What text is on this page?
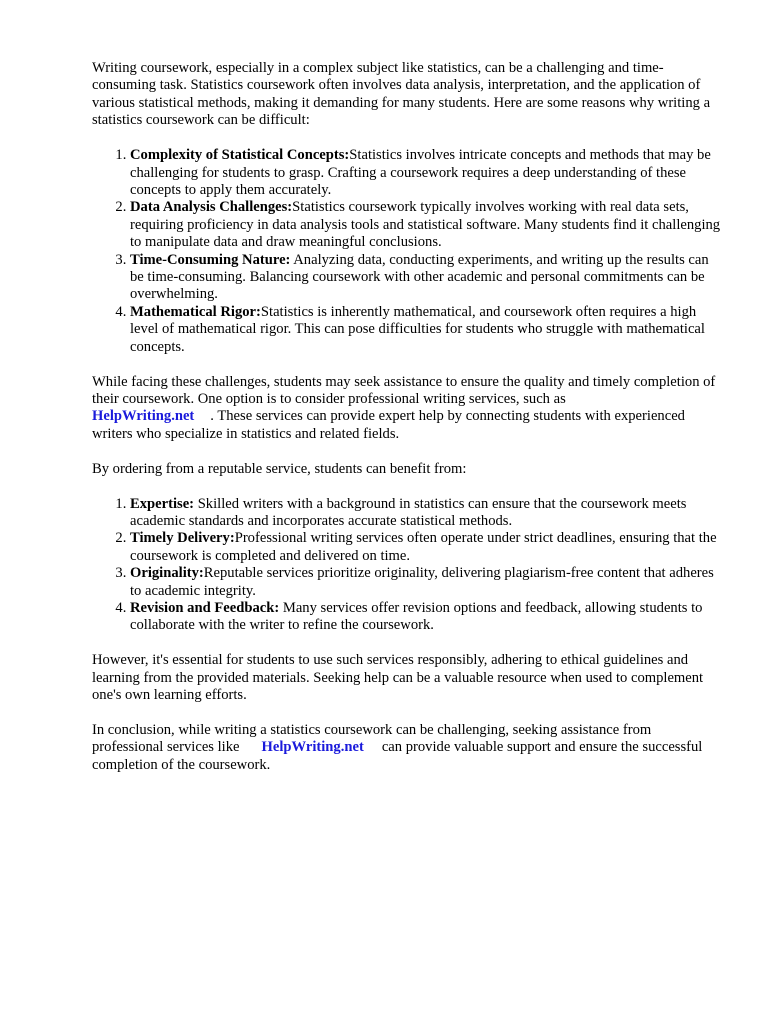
Writing coursework, especially in a complex subject like statistics, can be a challenging and time-consuming task. Statistics coursework often involves data analysis, interpretation, and the application of various statistical methods, making it demanding for many students. Here are some reasons why writing a statistics coursework can be difficult:

1. Complexity of Statistical Concepts:Statistics involves intricate concepts and methods that may be challenging for students to grasp. Crafting a coursework requires a deep understanding of these concepts to apply them accurately.
2. Data Analysis Challenges:Statistics coursework typically involves working with real data sets, requiring proficiency in data analysis tools and statistical software. Many students find it challenging to manipulate data and draw meaningful conclusions.
3. Time-Consuming Nature: Analyzing data, conducting experiments, and writing up the results can be time-consuming. Balancing coursework with other academic and personal commitments can be overwhelming.
4. Mathematical Rigor:Statistics is inherently mathematical, and coursework often requires a high level of mathematical rigor. This can pose difficulties for students who struggle with mathematical concepts.

While facing these challenges, students may seek assistance to ensure the quality and timely completion of their coursework. One option is to consider professional writing services, such as
HelpWriting.net . These services can provide expert help by connecting students with experienced writers who specialize in statistics and related fields.

By ordering from a reputable service, students can benefit from:

1. Expertise: Skilled writers with a background in statistics can ensure that the coursework meets academic standards and incorporates accurate statistical methods.
2. Timely Delivery:Professional writing services often operate under strict deadlines, ensuring that the coursework is completed and delivered on time.
3. Originality:Reputable services prioritize originality, delivering plagiarism-free content that adheres to academic integrity.
4. Revision and Feedback: Many services offer revision options and feedback, allowing students to collaborate with the writer to refine the coursework.

However, it's essential for students to use such services responsibly, adhering to ethical guidelines and learning from the provided materials. Seeking help can be a valuable resource when used to complement one's own learning efforts.

In conclusion, while writing a statistics coursework can be challenging, seeking assistance from professional services like HelpWriting.net can provide valuable support and ensure the successful completion of the coursework.
